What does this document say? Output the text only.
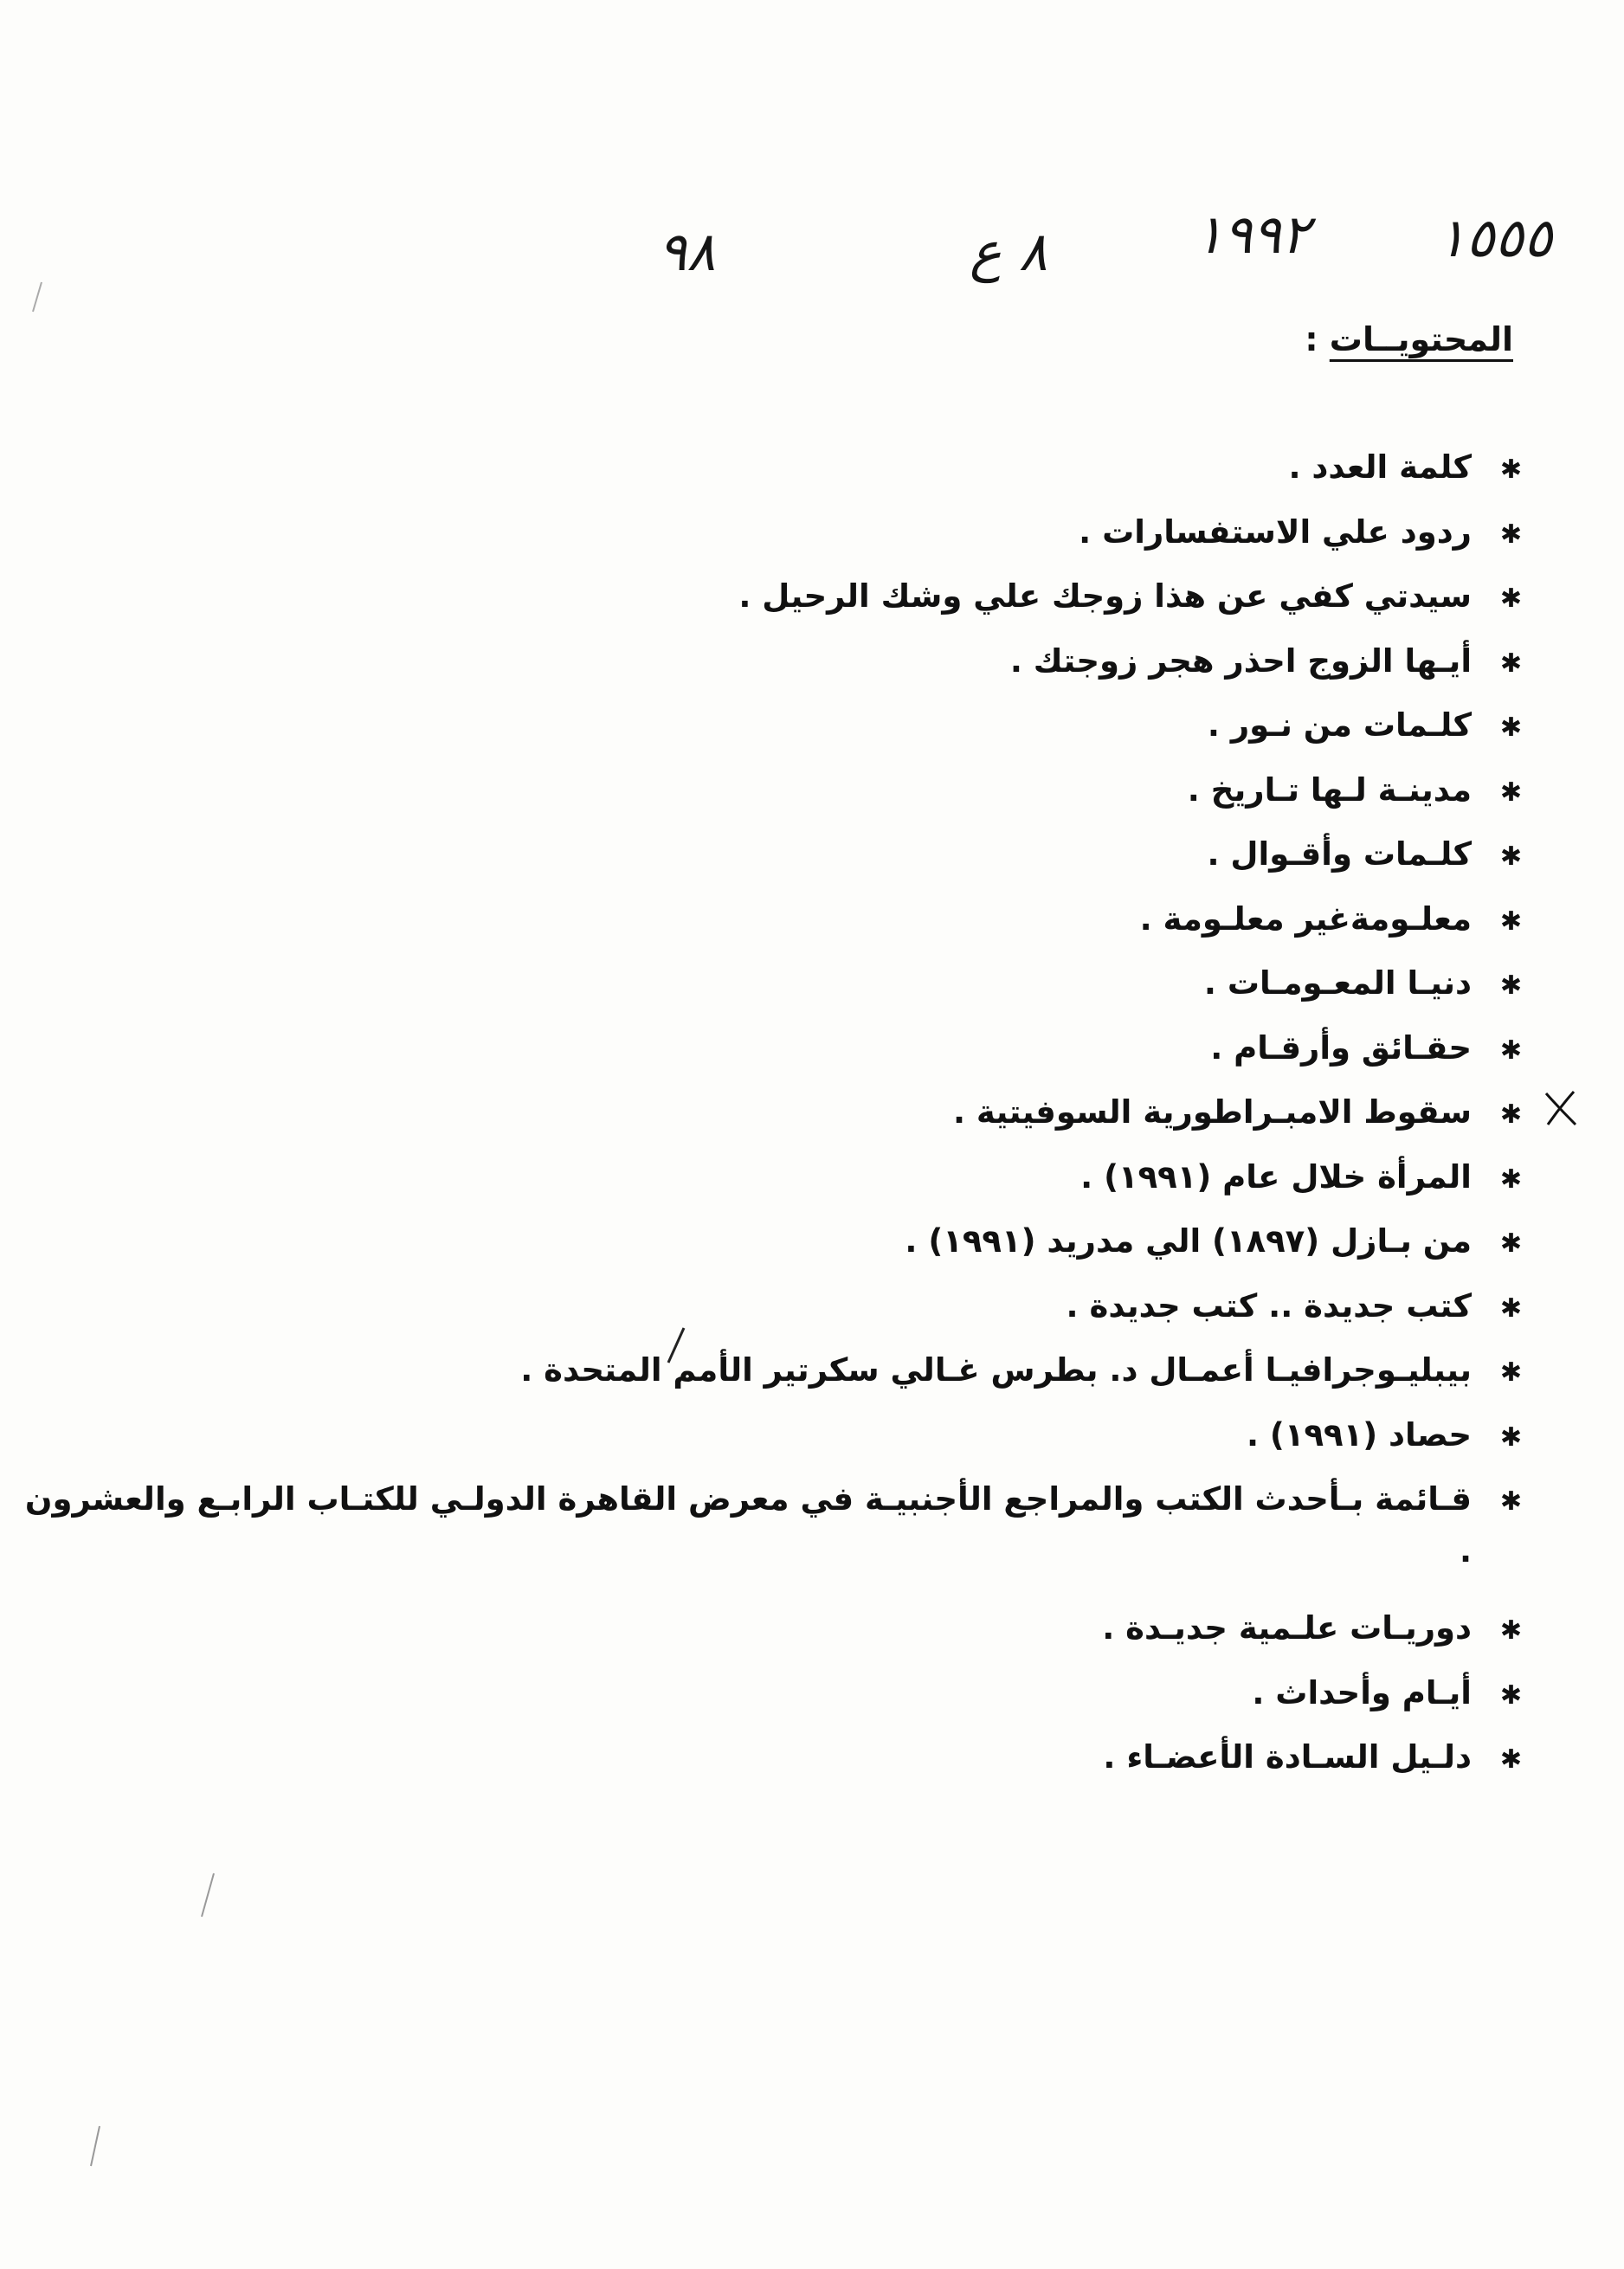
٩٨	٨ ع	١٩٩٢ ١٥٥٥
المحتويــات :
✱
كلمة العدد .
✱
ردود علي الاستفسارات .
✱
سيدتي كفي عن هذا زوجك علي وشك الرحيل .
✱
أيـها الزوج احذر هجر زوجتك .
✱
كلـمات من نـور .
✱
مدينـة لـها تـاريخ .
✱
كلـمات وأقـوال .
✱
معلـومةغير معلـومة .
✱
دنيـا المعـومـات .
✱
حقـائق وأرقـام .
✱
سقوط الامبـراطورية السوفيتية .
✱
المرأة خلال عام (١٩٩١) .
✱
من بـازل (١٨٩٧) الي مدريد (١٩٩١) .
✱
كتب جديدة .. كتب جديدة .
✱
بيبليـوجرافيـا أعمـال د. بطرس غـالي سكرتير الأمم المتحدة .
✱
حصاد (١٩٩١) .
✱
قـائمة بـأحدث الكتب والمراجع الأجنبيـة في معرض القاهرة الدولـي للكتـاب الرابـع والعشرون .
✱
دوريـات علـمية جديـدة .
✱
أيـام وأحداث .
✱
دلـيل السـادة الأعضـاء .
